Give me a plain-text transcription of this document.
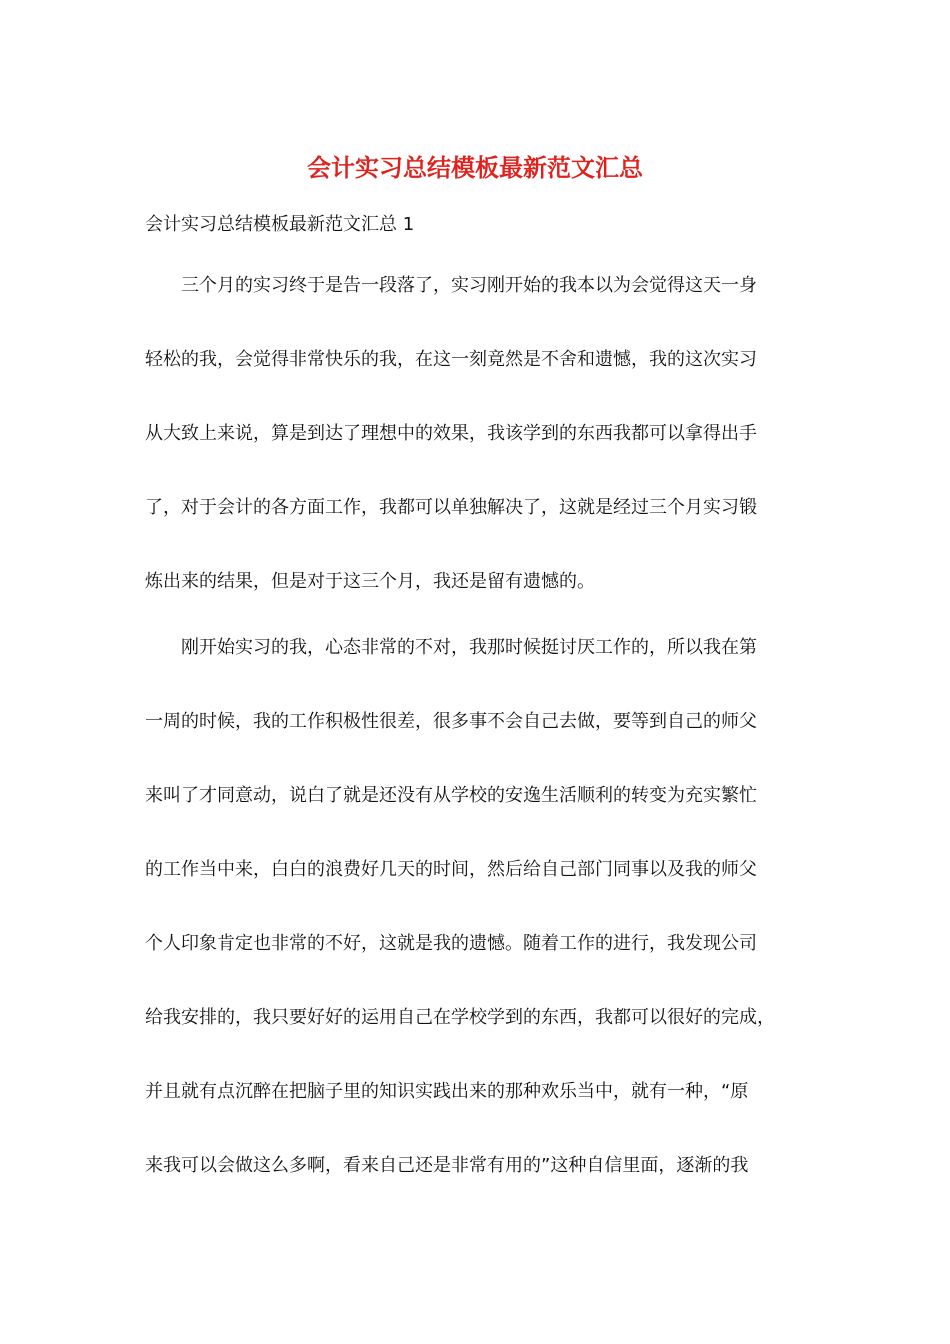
会计实习总结模板最新范文汇总
会计实习总结模板最新范文汇总 1
三个月的实习终于是告一段落了，实习刚开始的我本以为会觉得这天一身
轻松的我，会觉得非常快乐的我，在这一刻竟然是不舍和遗憾，我的这次实习
从大致上来说，算是到达了理想中的效果，我该学到的东西我都可以拿得出手
了，对于会计的各方面工作，我都可以单独解决了，这就是经过三个月实习锻
炼出来的结果，但是对于这三个月，我还是留有遗憾的。
刚开始实习的我，心态非常的不对，我那时候挺讨厌工作的，所以我在第
一周的时候，我的工作积极性很差，很多事不会自己去做，要等到自己的师父
来叫了才同意动，说白了就是还没有从学校的安逸生活顺利的转变为充实繁忙
的工作当中来，白白的浪费好几天的时间，然后给自己部门同事以及我的师父
个人印象肯定也非常的不好，这就是我的遗憾。随着工作的进行，我发现公司
给我安排的，我只要好好的运用自己在学校学到的东西，我都可以很好的完成，
并且就有点沉醉在把脑子里的知识实践出来的那种欢乐当中，就有一种，“原
来我可以会做这么多啊，看来自己还是非常有用的”这种自信里面，逐渐的我
